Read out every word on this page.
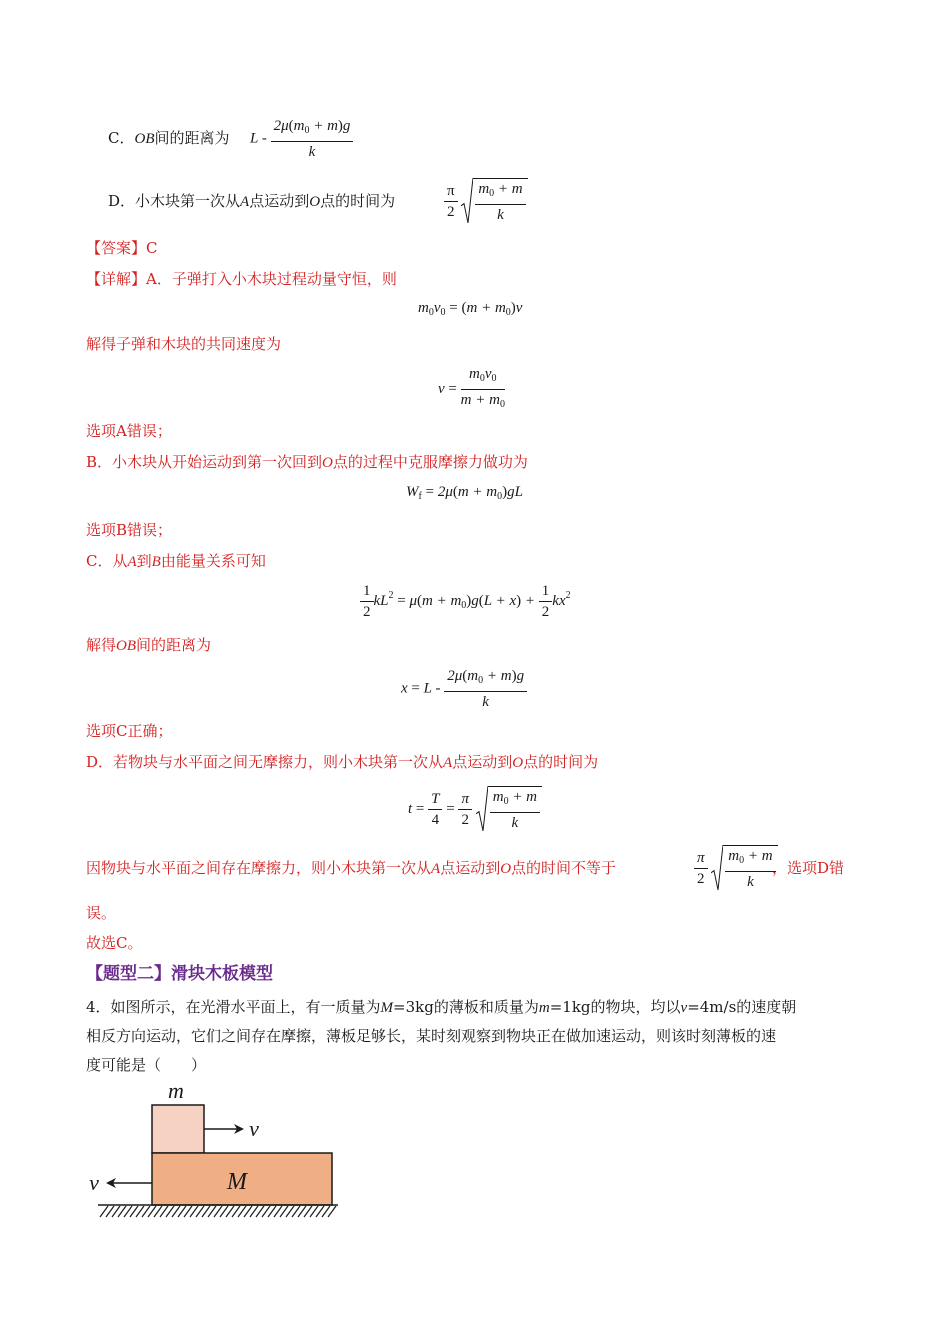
C．OB间的距离为 L - $\frac{2\mu(m_0 + m)g}{k}$
D．小木块第一次从A点运动到O点的时间为	$\frac{\pi}{2}$
$\frac{m_0 + m}{k}$
【答案】C
【详解】A．子弹打入小木块过程动量守恒，则
$m_0v_0 = (m + m_0)v$
解得子弹和木块的共同速度为
$v = \frac{m_0v_0}{m + m_0}$
选项A错误；
B．小木块从开始运动到第一次回到O点的过程中克服摩擦力做功为
$W_f = 2\mu(m + m_0)gL$
选项B错误；
C．从A到B由能量关系可知
$\frac{1}{2} kL^2 = \mu(m + m_0)g(L + x) + \frac{1}{2} kx^2$
解得OB间的距离为
$x = L - \frac{2\mu(m_0 + m)g}{k}$
选项C正确；
D．若物块与水平面之间无摩擦力，则小木块第一次从A点运动到O点的时间为
$t = \frac{T}{4} = \frac{\pi}{2}$
$\frac{m_0 + m}{k}$
因物块与水平面之间存在摩擦力，则小木块第一次从A点运动到O点的时间不等于	$\frac{\pi}{2}$
$\frac{m_0 + m}{k}$
，选项D错
误。
故选C。
【题型二】滑块木板模型
4．如图所示，在光滑水平面上，有一质量为M=3kg的薄板和质量为m=1kg的物块，均以v=4m/s的速度朝
相反方向运动，它们之间存在摩擦，薄板足够长，某时刻观察到物块正在做加速运动，则该时刻薄板的速
度可能是（　　）
m
v
M
v
